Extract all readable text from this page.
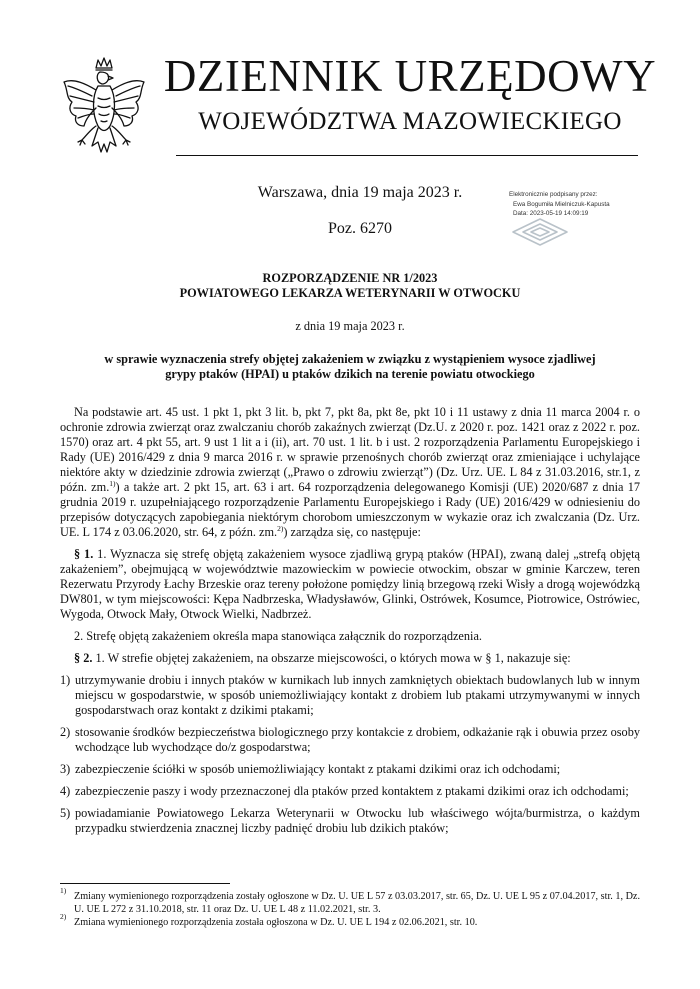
DZIENNIK URZĘDOWY
WOJEWÓDZTWA MAZOWIECKIEGO
Warszawa, dnia 19 maja 2023 r.
Poz. 6270
Elektronicznie podpisany przez:
Ewa Bogumiła Mielniczuk-Kapusta
Data: 2023-05-19 14:09:19
ROZPORZĄDZENIE NR 1/2023
POWIATOWEGO LEKARZA WETERYNARII W OTWOCKU
z dnia 19 maja 2023 r.
w sprawie wyznaczenia strefy objętej zakażeniem w związku z wystąpieniem wysoce zjadliwej grypy ptaków (HPAI) u ptaków dzikich na terenie powiatu otwockiego

Na podstawie art. 45 ust. 1 pkt 1, pkt 3 lit. b, pkt 7, pkt 8a, pkt 8e, pkt 10 i 11 ustawy z dnia 11 marca 2004 r. o ochronie zdrowia zwierząt oraz zwalczaniu chorób zakaźnych zwierząt (Dz.U. z 2020 r. poz. 1421 oraz z 2022 r. poz. 1570) oraz art. 4 pkt 55, art. 9 ust 1 lit a i (ii), art. 70 ust. 1 lit. b i ust. 2 rozporządzenia Parlamentu Europejskiego i Rady (UE) 2016/429 z dnia 9 marca 2016 r. w sprawie przenośnych chorób zwierząt oraz zmieniające i uchylające niektóre akty w dziedzinie zdrowia zwierząt („Prawo o zdrowiu zwierząt”) (Dz. Urz. UE. L 84 z 31.03.2016, str.1, z późn. zm.$^{1)}$) a także art. 2 pkt 15, art. 63 i art. 64 rozporządzenia delegowanego Komisji (UE) 2020/687 z dnia 17 grudnia 2019 r. uzupełniającego rozporządzenie Parlamentu Europejskiego i Rady (UE) 2016/429 w odniesieniu do przepisów dotyczących zapobiegania niektórym chorobom umieszczonym w wykazie oraz ich zwalczania (Dz. Urz. UE. L 174 z 03.06.2020, str. 64, z późn. zm.$^{2)}$) zarządza się, co następuje:

§ 1. 1. Wyznacza się strefę objętą zakażeniem wysoce zjadliwą grypą ptaków (HPAI), zwaną dalej „strefą objętą zakażeniem”, obejmującą w województwie mazowieckim w powiecie otwockim, obszar w gminie Karczew, teren Rezerwatu Przyrody Łachy Brzeskie oraz tereny położone pomiędzy linią brzegową rzeki Wisły a drogą wojewódzką DW801, w tym miejscowości: Kępa Nadbrzeska, Władysławów, Glinki, Ostrówek, Kosumce, Piotrowice, Ostrówiec, Wygoda, Otwock Mały, Otwock Wielki, Nadbrzeż.

2. Strefę objętą zakażeniem określa mapa stanowiąca załącznik do rozporządzenia.

§ 2. 1. W strefie objętej zakażeniem, na obszarze miejscowości, o których mowa w § 1, nakazuje się:

1) utrzymywanie drobiu i innych ptaków w kurnikach lub innych zamkniętych obiektach budowlanych lub w innym miejscu w gospodarstwie, w sposób uniemożliwiający kontakt z drobiem lub ptakami utrzymywanymi w innych gospodarstwach oraz kontakt z dzikimi ptakami;
2) stosowanie środków bezpieczeństwa biologicznego przy kontakcie z drobiem, odkażanie rąk i obuwia przez osoby wchodzące lub wychodzące do/z gospodarstwa;
3) zabezpieczenie ściółki w sposób uniemożliwiający kontakt z ptakami dzikimi oraz ich odchodami;
4) zabezpieczenie paszy i wody przeznaczonej dla ptaków przed kontaktem z ptakami dzikimi oraz ich odchodami;
5) powiadamianie Powiatowego Lekarza Weterynarii w Otwocku lub właściwego wójta/burmistrza, o każdym przypadku stwierdzenia znacznej liczby padnięć drobiu lub dzikich ptaków;
1)
Zmiany wymienionego rozporządzenia zostały ogłoszone w Dz. U. UE L 57 z 03.03.2017, str. 65, Dz. U. UE L 95 z 07.04.2017, str. 1, Dz. U. UE L 272 z 31.10.2018, str. 11 oraz Dz. U. UE L 48 z 11.02.2021, str. 3.
2)
Zmiana wymienionego rozporządzenia została ogłoszona w Dz. U. UE L 194 z 02.06.2021, str. 10.
